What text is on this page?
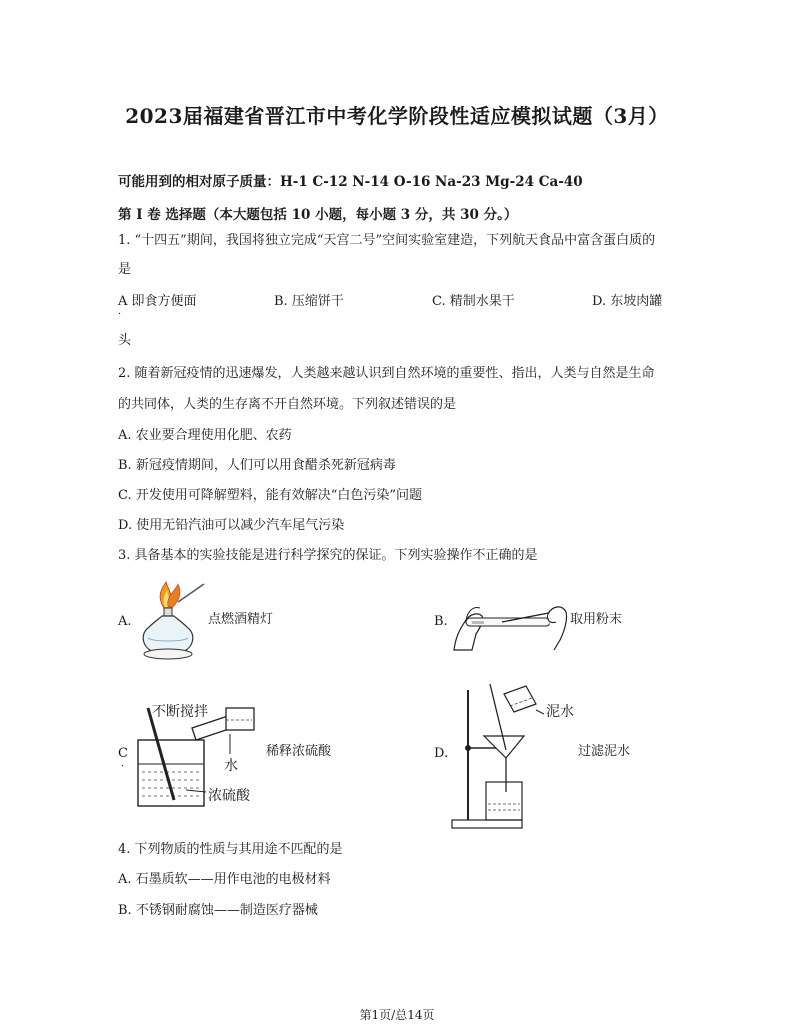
2023届福建省晋江市中考化学阶段性适应模拟试题（3月）
可能用到的相对原子质量：H-1 C-12 N-14 O-16 Na-23 Mg-24 Ca-40
第 I 卷 选择题（本大题包括 10 小题，每小题 3 分，共 30 分。）
1. “十四五”期间，我国将独立完成“天宫二号”空间实验室建造，下列航天食品中富含蛋白质的
是
A 即食方便面
．
B. 压缩饼干	C. 精制水果干	D. 东坡肉罐
头
2. 随着新冠疫情的迅速爆发，人类越来越认识到自然环境的重要性、指出，人类与自然是生命
的共同体，人类的生存离不开自然环境。下列叙述错误的是
A. 农业要合理使用化肥、农药
B. 新冠疫情期间，人们可以用食醋杀死新冠病毒
C. 开发使用可降解塑料，能有效解决“白色污染”问题
D. 使用无铅汽油可以减少汽车尾气污染
3. 具备基本的实验技能是进行科学探究的保证。下列实验操作不正确的是
A.	点燃酒精灯	B.	取用粉末
C
．
不断搅拌
水
浓硫酸
稀释浓硫酸	D.
泥水
过滤泥水
4. 下列物质的性质与其用途不匹配的是
A. 石墨质软——用作电池的电极材料
B. 不锈钢耐腐蚀——制造医疗器械
第1页/总14页
